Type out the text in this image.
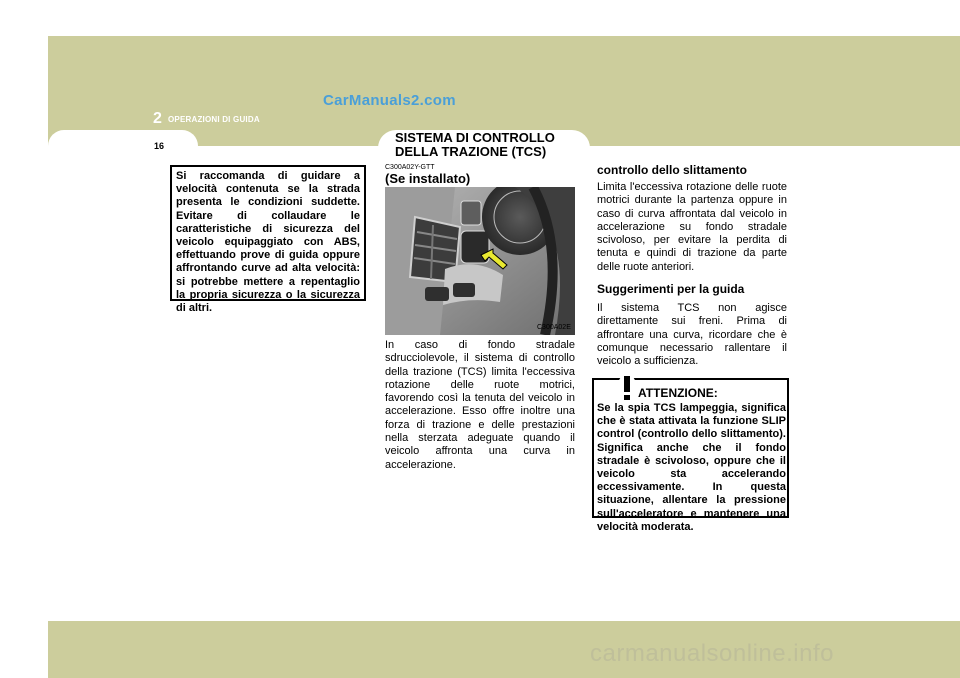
2 OPERAZIONI DI GUIDA
16
CarManuals2.com

Si raccomanda di guidare a velocità contenuta se la strada presenta le condizioni suddette. Evitare di collaudare le caratteristiche di sicurezza del veicolo equipaggiato con ABS, effettuando prove di guida oppure affrontando curve ad alta velocità: si potrebbe mettere a repentaglio la propria sicurezza o la sicurezza di altri.

SISTEMA DI CONTROLLO DELLA TRAZIONE (TCS)
C300A02Y-GTT
(Se installato)
C300A02E

In caso di fondo stradale sdrucciolevole, il sistema di controllo della trazione (TCS) limita l'eccessiva rotazione delle ruote motrici, favorendo così la tenuta del veicolo in accelerazione. Esso offre inoltre una forza di trazione e delle prestazioni nella sterzata adeguate quando il veicolo affronta una curva in accelerazione.

controllo dello slittamento

Limita l'eccessiva rotazione delle ruote motrici durante la partenza oppure in caso di curva affrontata dal veicolo in accelerazione su fondo stradale scivoloso, per evitare la perdita di tenuta e quindi di trazione da parte delle ruote anteriori.

Suggerimenti per la guida

Il sistema TCS non agisce direttamente sui freni. Prima di affrontare una curva, ricordare che è comunque necessario rallentare il veicolo a sufficienza.

ATTENZIONE:

Se la spia TCS lampeggia, significa che è stata attivata la funzione SLIP control (controllo dello slittamento). Significa anche che il fondo stradale è scivoloso, oppure che il veicolo sta accelerando eccessivamente. In questa situazione, allentare la pressione sull'acceleratore e mantenere una velocità moderata.

carmanualsonline.info
